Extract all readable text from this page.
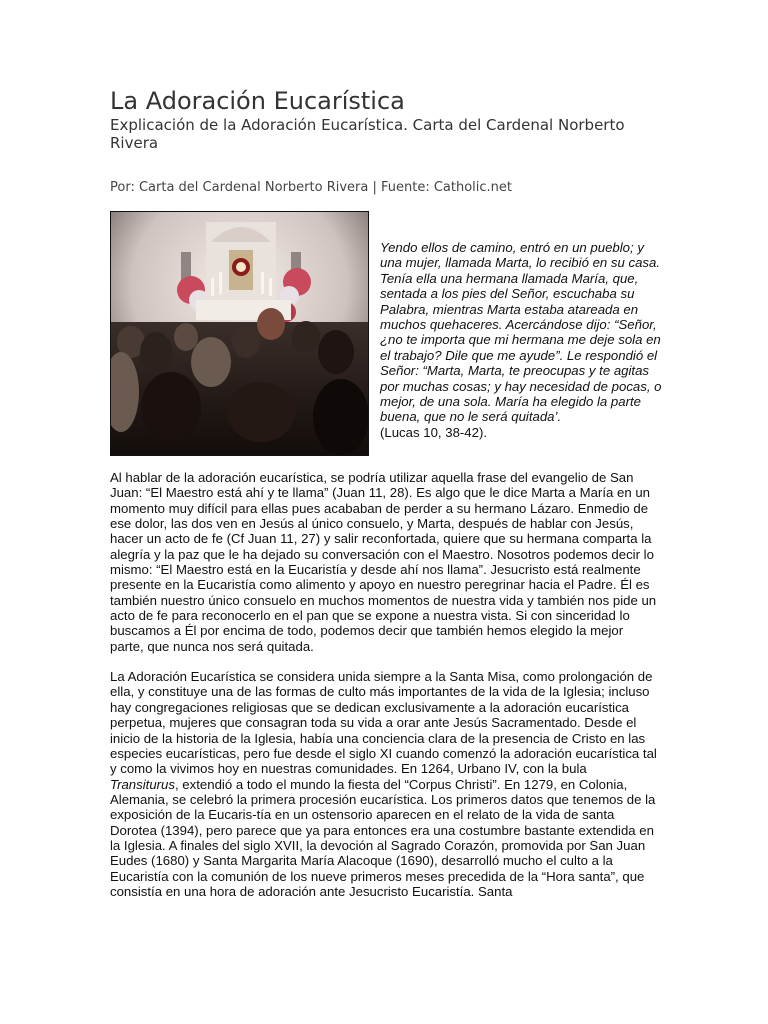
La Adoración Eucarística

Explicación de la Adoración Eucarística. Carta del Cardenal Norberto Rivera

Por: Carta del Cardenal Norberto Rivera | Fuente: Catholic.net

Yendo ellos de camino, entró en un pueblo; y una mujer, llamada Marta, lo recibió en su casa. Tenía ella una hermana llamada María, que, sentada a los pies del Señor, escuchaba su Palabra, mientras Marta estaba atareada en muchos quehaceres. Acercándose dijo: “Señor, ¿no te importa que mi hermana me deje sola en el trabajo? Dile que me ayude”. Le respondió el Señor: “Marta, Marta, te preocupas y te agitas por muchas cosas; y hay necesidad de pocas, o mejor, de una sola. María ha elegido la parte buena, que no le será quitada’.
(Lucas 10, 38-42).

Al hablar de la adoración eucarística, se podría utilizar aquella frase del evangelio de San Juan: “El Maestro está ahí y te llama” (Juan 11, 28). Es algo que le dice Marta a María en un momento muy difícil para ellas pues acababan de perder a su hermano Lázaro. Enmedio de ese dolor, las dos ven en Jesús al único consuelo, y Marta, después de hablar con Jesús, hacer un acto de fe (Cf Juan 11, 27) y salir reconfortada, quiere que su hermana comparta la alegría y la paz que le ha dejado su conversación con el Maestro. Nosotros podemos decir lo mismo: “El Maestro está en la Eucaristía y desde ahí nos llama”. Jesucristo está realmente presente en la Eucaristía como alimento y apoyo en nuestro peregrinar hacia el Padre. Él es también nuestro único consuelo en muchos momentos de nuestra vida y también nos pide un acto de fe para reconocerlo en el pan que se expone a nuestra vista. Si con sinceridad lo buscamos a Él por encima de todo, podemos decir que también hemos elegido la mejor parte, que nunca nos será quitada.

La Adoración Eucarística se considera unida siempre a la Santa Misa, como prolongación de ella, y constituye una de las formas de culto más importantes de la vida de la Iglesia; incluso hay congregaciones religiosas que se dedican exclusivamente a la adoración eucarística perpetua, mujeres que consagran toda su vida a orar ante Jesús Sacramentado. Desde el inicio de la historia de la Iglesia, había una conciencia clara de la presencia de Cristo en las especies eucarísticas, pero fue desde el siglo XI cuando comenzó la adoración eucarística tal y como la vivimos hoy en nuestras comunidades. En 1264, Urbano IV, con la bula Transiturus, extendió a todo el mundo la fiesta del “Corpus Christi”. En 1279, en Colonia, Alemania, se celebró la primera procesión eucarística. Los primeros datos que tenemos de la exposición de la Eucaris-tía en un ostensorio aparecen en el relato de la vida de santa Dorotea (1394), pero parece que ya para entonces era una costumbre bastante extendida en la Iglesia. A finales del siglo XVII, la devoción al Sagrado Corazón, promovida por San Juan Eudes (1680) y Santa Margarita María Alacoque (1690), desarrolló mucho el culto a la Eucaristía con la comunión de los nueve primeros meses precedida de la “Hora santa”, que consistía en una hora de adoración ante Jesucristo Eucaristía. Santa
